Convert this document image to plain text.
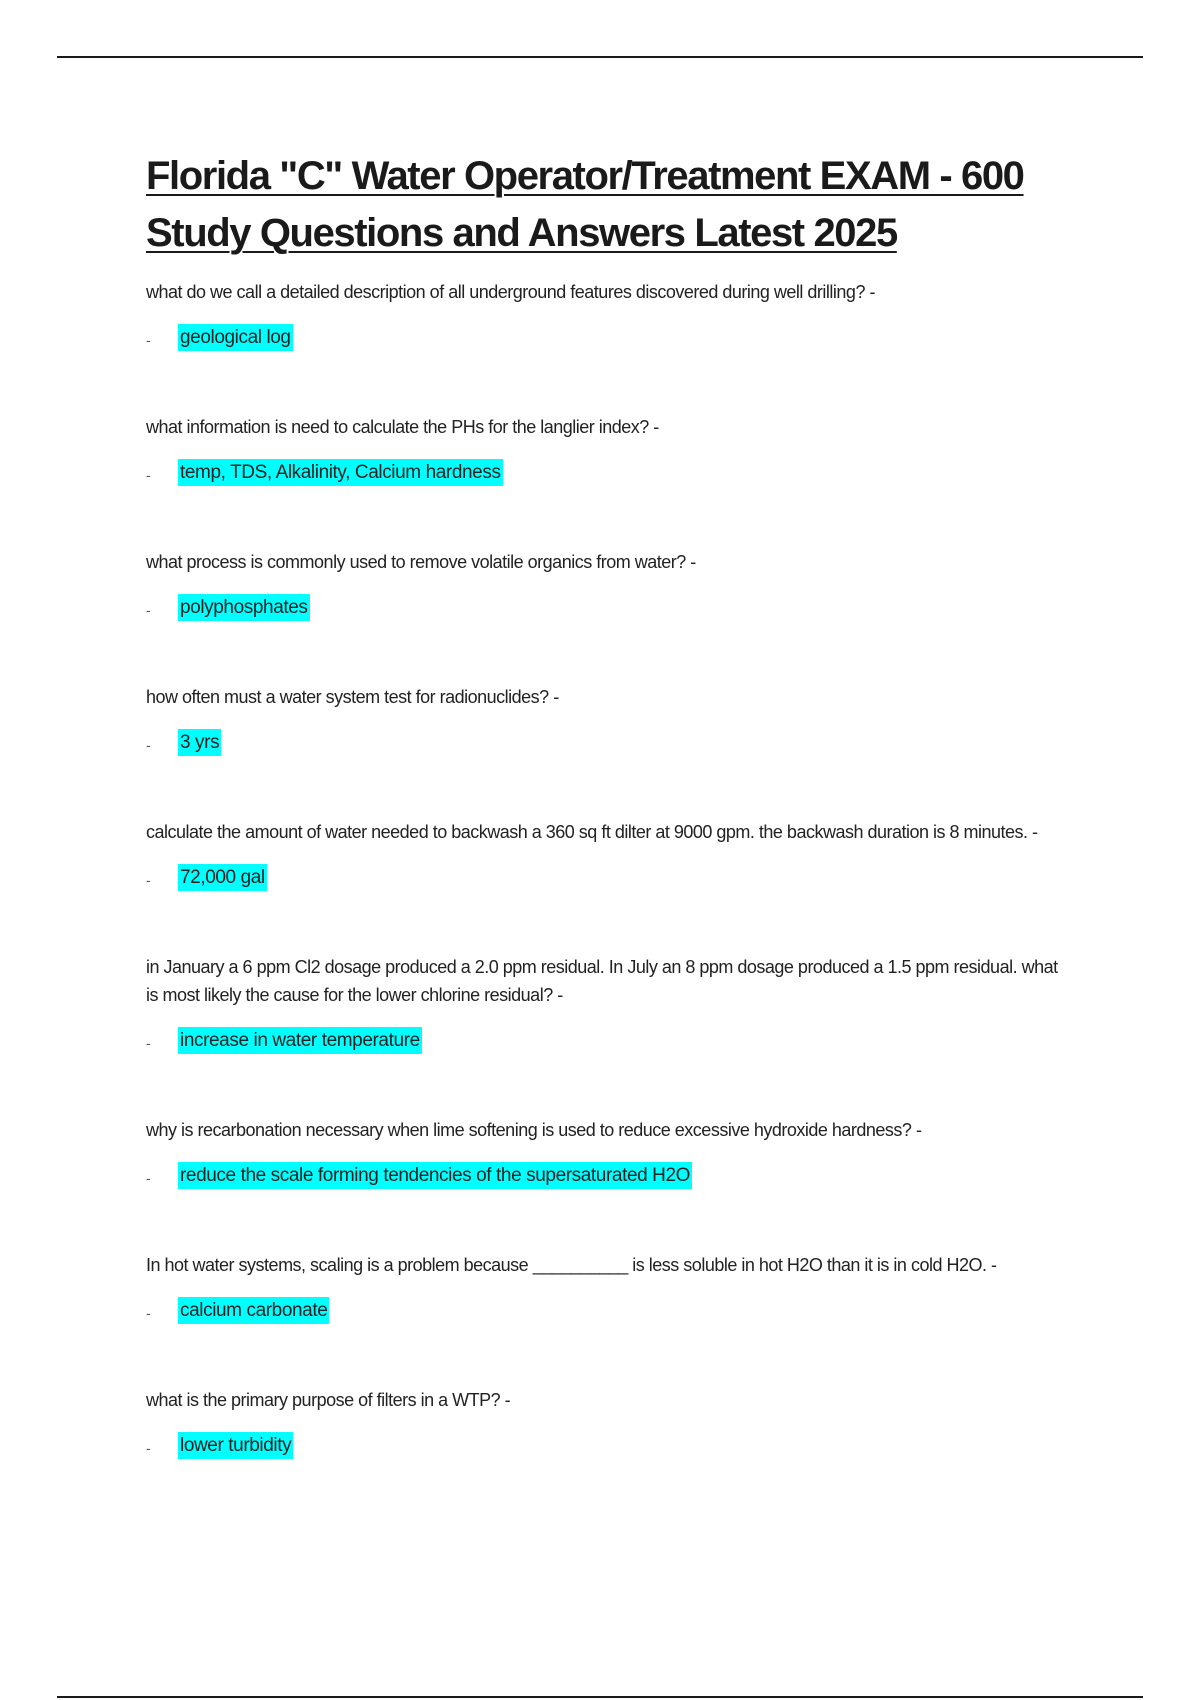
Florida "C" Water Operator/Treatment EXAM - 600 Study Questions and Answers Latest 2025

what do we call a detailed description of all underground features discovered during well drilling? -

-	geological log

what information is need to calculate the PHs for the langlier index? -

-	temp, TDS, Alkalinity, Calcium hardness

what process is commonly used to remove volatile organics from water? -

-	polyphosphates

how often must a water system test for radionuclides? -

-	3 yrs

calculate the amount of water needed to backwash a 360 sq ft dilter at 9000 gpm. the backwash duration is 8 minutes. -

-	72,000 gal

in January a 6 ppm Cl2 dosage produced a 2.0 ppm residual. In July an 8 ppm dosage produced a 1.5 ppm residual. what is most likely the cause for the lower chlorine residual? -

-	increase in water temperature

why is recarbonation necessary when lime softening is used to reduce excessive hydroxide hardness? -

-	reduce the scale forming tendencies of the supersaturated H2O

In hot water systems, scaling is a problem because __________ is less soluble in hot H2O than it is in cold H2O. -

-	calcium carbonate

what is the primary purpose of filters in a WTP? -

-	lower turbidity
